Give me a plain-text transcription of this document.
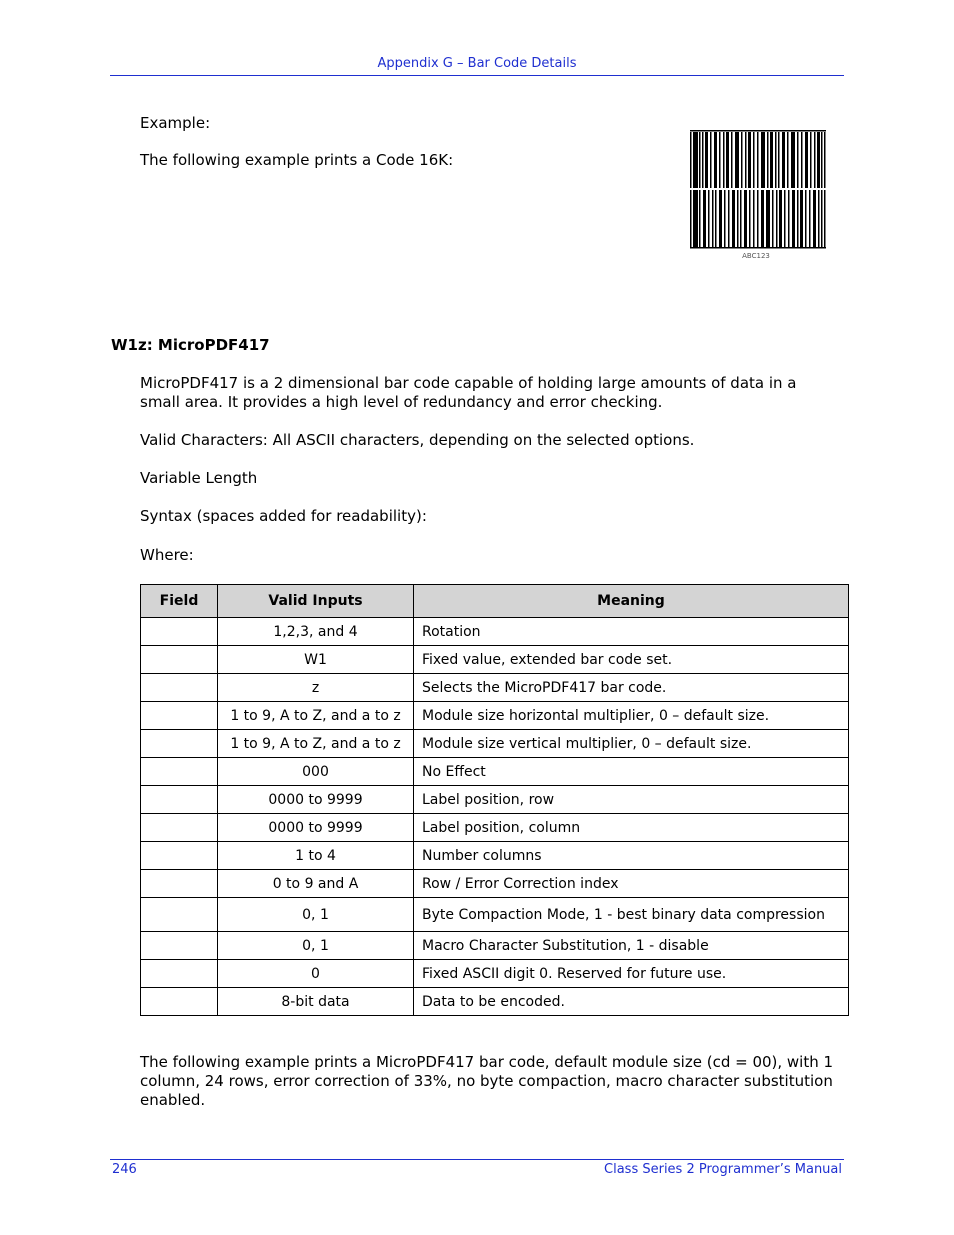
Appendix G – Bar Code Details
Example:
The following example prints a Code 16K:
ABC123
W1z: MicroPDF417
MicroPDF417 is a 2 dimensional bar code capable of holding large amounts of data in a small area. It provides a high level of redundancy and error checking.
Valid Characters: All ASCII characters, depending on the selected options.
Variable Length
Syntax (spaces added for readability):
Where:
Field	Valid Inputs	Meaning
	1,2,3, and 4	Rotation
	W1	Fixed value, extended bar code set.
	z	Selects the MicroPDF417 bar code.
	1 to 9, A to Z, and a to z	Module size horizontal multiplier, 0 – default size.
	1 to 9, A to Z, and a to z	Module size vertical multiplier, 0 – default size.
	000	No Effect
	0000 to 9999	Label position, row
	0000 to 9999	Label position, column
	1 to 4	Number columns
	0 to 9 and A	Row / Error Correction index
	0, 1	Byte Compaction Mode, 1 - best binary data compression
	0, 1	Macro Character Substitution, 1 - disable
	0	Fixed ASCII digit 0. Reserved for future use.
	8-bit data	Data to be encoded.
The following example prints a MicroPDF417 bar code, default module size (cd = 00), with 1 column, 24 rows, error correction of 33%, no byte compaction, macro character substitution enabled.
246	Class Series 2 Programmer’s Manual
